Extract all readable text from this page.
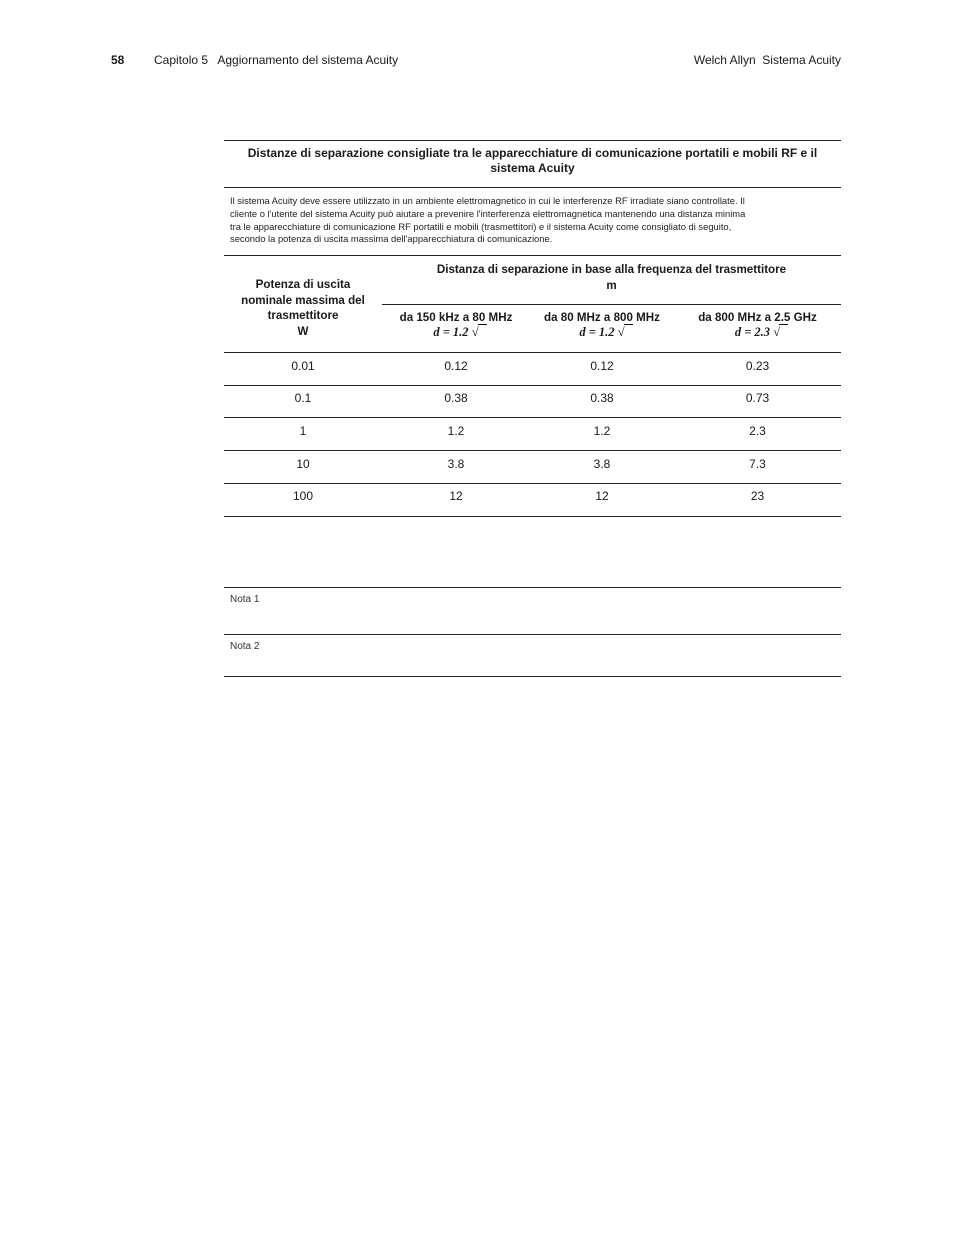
58 Capitolo 5   Aggiornamento del sistema Acuity	Welch Allyn  Sistema Acuity
Distanze di separazione consigliate tra le apparecchiature di comunicazione portatili e mobili RF e il
sistema Acuity
Il sistema Acuity deve essere utilizzato in un ambiente elettromagnetico in cui le interferenze RF irradiate siano controllate. Il
cliente o l'utente del sistema Acuity può aiutare a prevenire l'interferenza elettromagnetica mantenendo una distanza minima
tra le apparecchiature di comunicazione RF portatili e mobili (trasmettitori) e il sistema Acuity come consigliato di seguito,
secondo la potenza di uscita massima dell'apparecchiatura di comunicazione.
Potenza di uscita
nominale massima del
trasmettitore
W
Distanza di separazione in base alla frequenza del trasmettitore
m
da 150 kHz a 80 MHz
d = 1.2 √
da 80 MHz a 800 MHz
d = 1.2 √
da 800 MHz a 2.5 GHz
d = 2.3 √
0.01	0.12	0.12	0.23
0.1	0.38	0.38	0.73
1	1.2	1.2	2.3
10	3.8	3.8	7.3
100	12	12	23
Nota 1
Nota 2
